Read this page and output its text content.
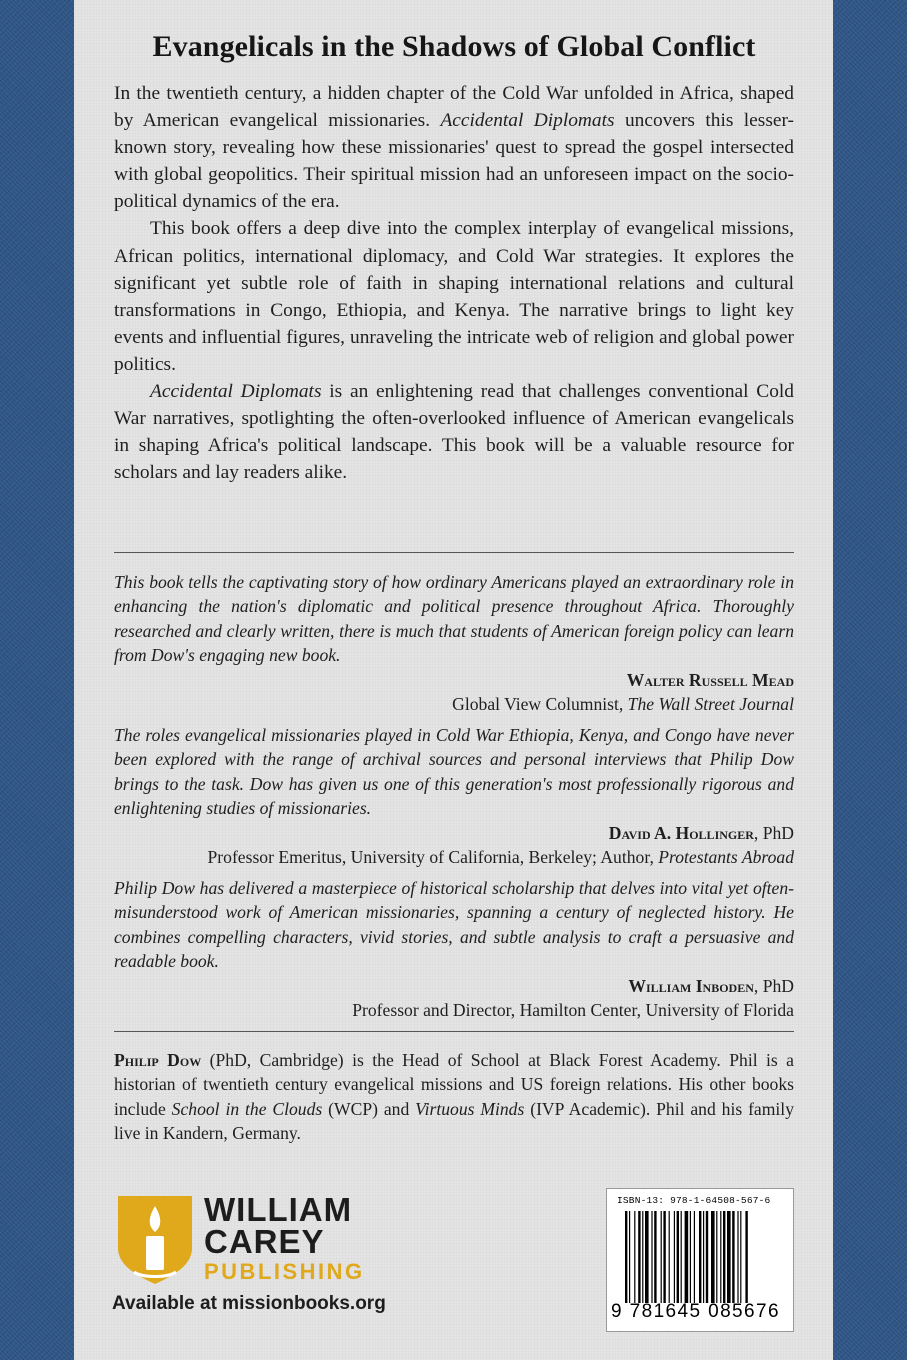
Evangelicals in the Shadows of Global Conflict

In the twentieth century, a hidden chapter of the Cold War unfolded in Africa, shaped by American evangelical missionaries. Accidental Diplomats uncovers this lesser-known story, revealing how these missionaries' quest to spread the gospel intersected with global geopolitics. Their spiritual mission had an unforeseen impact on the socio-political dynamics of the era.

This book offers a deep dive into the complex interplay of evangelical missions, African politics, international diplomacy, and Cold War strategies. It explores the significant yet subtle role of faith in shaping international relations and cultural transformations in Congo, Ethiopia, and Kenya. The narrative brings to light key events and influential figures, unraveling the intricate web of religion and global power politics.

Accidental Diplomats is an enlightening read that challenges conventional Cold War narratives, spotlighting the often-overlooked influence of American evangelicals in shaping Africa's political landscape. This book will be a valuable resource for scholars and lay readers alike.

This book tells the captivating story of how ordinary Americans played an extraordinary role in enhancing the nation's diplomatic and political presence throughout Africa. Thoroughly researched and clearly written, there is much that students of American foreign policy can learn from Dow's engaging new book.
Walter Russell Mead
Global View Columnist, The Wall Street Journal
The roles evangelical missionaries played in Cold War Ethiopia, Kenya, and Congo have never been explored with the range of archival sources and personal interviews that Philip Dow brings to the task. Dow has given us one of this generation's most professionally rigorous and enlightening studies of missionaries.
David A. Hollinger, PhD
Professor Emeritus, University of California, Berkeley; Author, Protestants Abroad
Philip Dow has delivered a masterpiece of historical scholarship that delves into vital yet often-misunderstood work of American missionaries, spanning a century of neglected history. He combines compelling characters, vivid stories, and subtle analysis to craft a persuasive and readable book.
William Inboden, PhD
Professor and Director, Hamilton Center, University of Florida
Philip Dow (PhD, Cambridge) is the Head of School at Black Forest Academy. Phil is a historian of twentieth century evangelical missions and US foreign relations. His other books include School in the Clouds (WCP) and Virtuous Minds (IVP Academic). Phil and his family live in Kandern, Germany.
WILLIAM
CAREY
PUBLISHING
Available at missionbooks.org
ISBN-13: 978-1-64508-567-6
9 781645 085676
